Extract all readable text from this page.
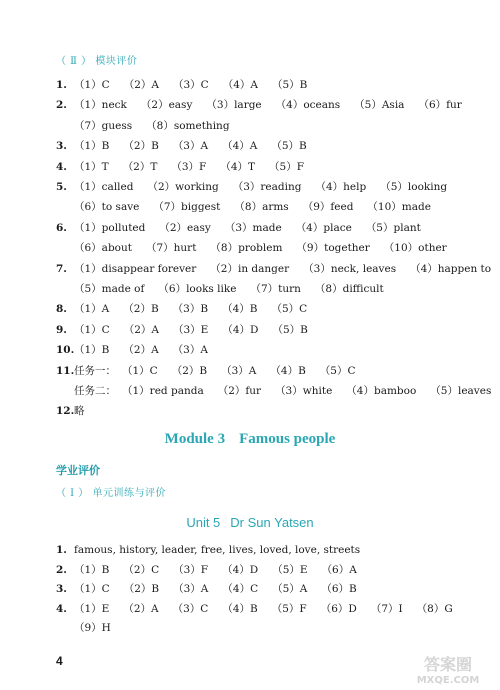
（ Ⅱ ） 模块评价
1. （1）C （2）A （3）C （4）A （5）B
2. （1）neck （2）easy （3）large （4）oceans （5）Asia （6）fur
（7）guess （8）something
3. （1）B （2）B （3）A （4）A （5）B
4. （1）T （2）T （3）F （4）T （5）F
5. （1）called （2）working （3）reading （4）help （5）looking
（6）to save （7）biggest （8）arms （9）feed （10）made
6. （1）polluted （2）easy （3）made （4）place （5）plant
（6）about （7）hurt （8）problem （9）together （10）other
7. （1）disappear forever （2）in danger （3）neck, leaves （4）happen to
（5）made of （6）looks like （7）turn （8）difficult
8. （1）A （2）B （3）B （4）B （5）C
9. （1）C （2）A （3）E （4）D （5）B
10. （1）B （2）A （3）A
11. 任务一： （1）C （2）B （3）A （4）B （5）C
任务二： （1）red panda （2）fur （3）white （4）bamboo （5）leaves
12. 略
Module 3 Famous people
学业评价
（ Ⅰ ） 单元训练与评价
Unit 5 Dr Sun Yatsen
1. famous, history, leader, free, lives, loved, love, streets
2. （1）B （2）C （3）F （4）D （5）E （6）A
3. （1）C （2）B （3）A （4）C （5）A （6）B
4. （1）E （2）A （3）C （4）B （5）F （6）D （7）I （8）G
（9）H
4	答案圈
MXQE.COM
